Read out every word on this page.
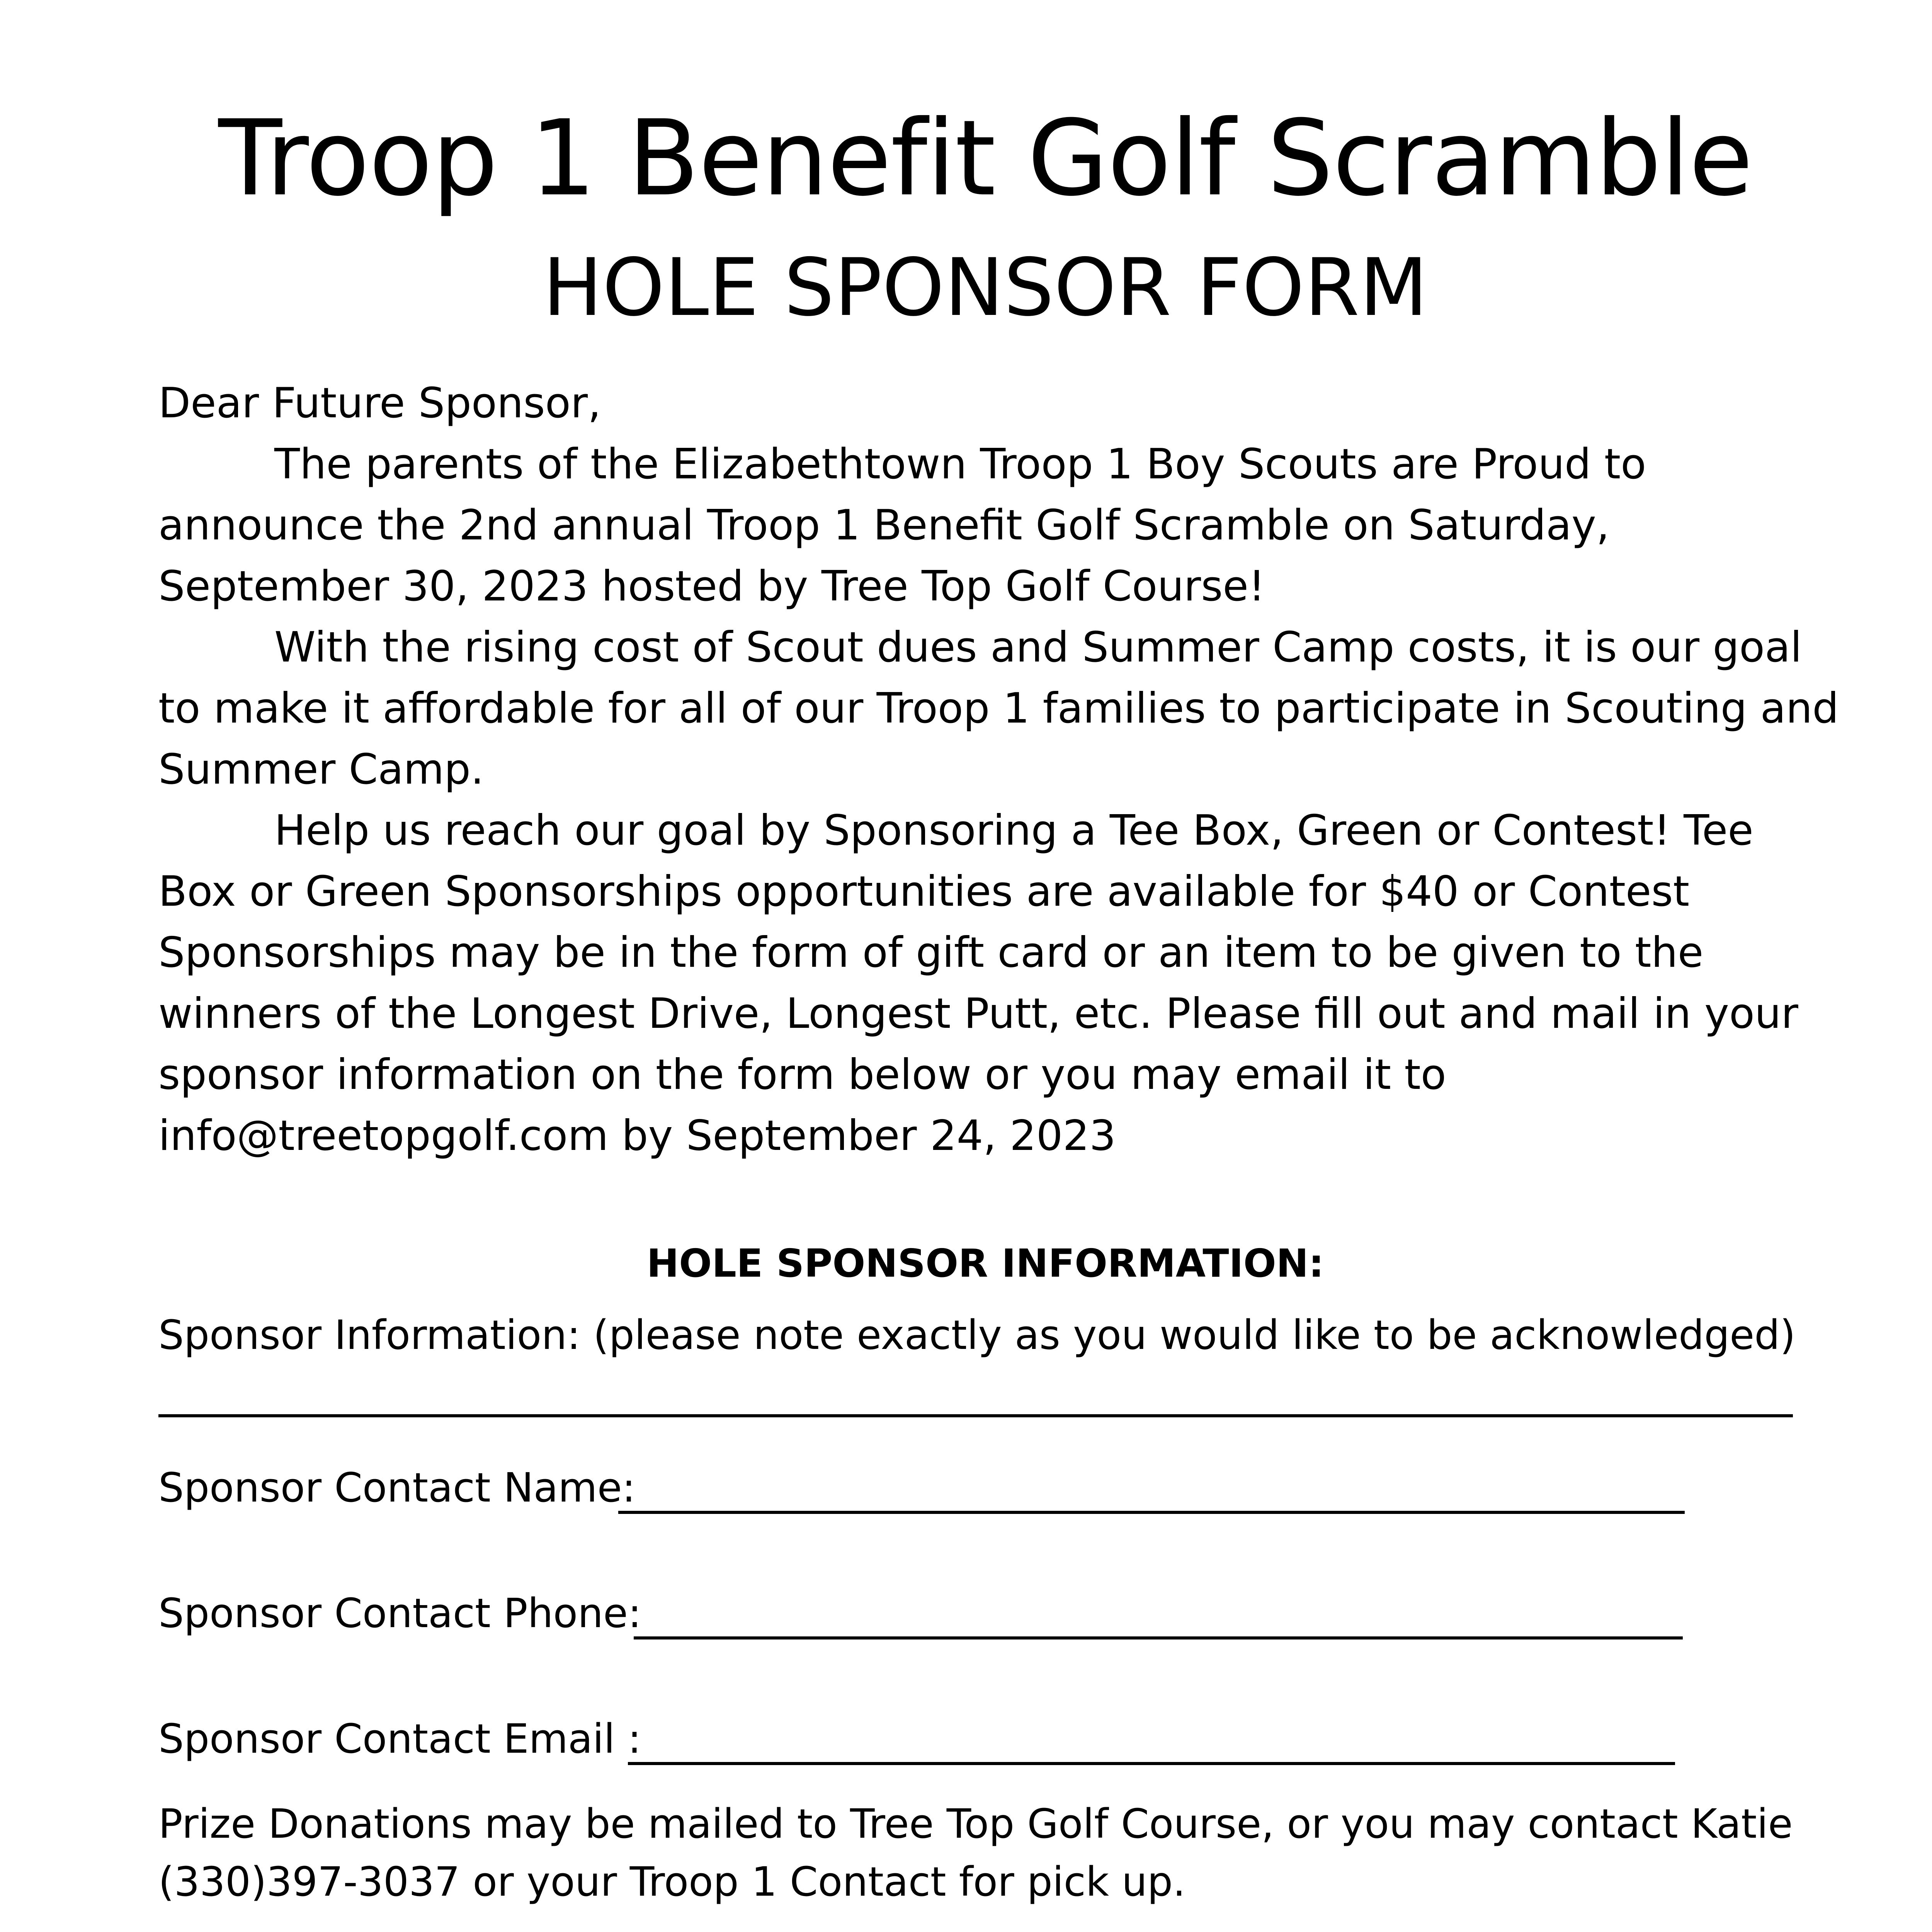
Troop 1 Benefit Golf Scramble
HOLE SPONSOR FORM
Dear Future Sponsor,
The parents of the Elizabethtown Troop 1 Boy Scouts are Proud to
announce the 2nd annual Troop 1 Benefit Golf Scramble on Saturday,
September 30, 2023 hosted by Tree Top Golf Course!
With the rising cost of Scout dues and Summer Camp costs, it is our goal
to make it affordable for all of our Troop 1 families to participate in Scouting and
Summer Camp.
Help us reach our goal by Sponsoring a Tee Box, Green or Contest! Tee
Box or Green Sponsorships opportunities are available for $40 or Contest
Sponsorships may be in the form of gift card or an item to be given to the
winners of the Longest Drive, Longest Putt, etc. Please fill out and mail in your
sponsor information on the form below or you may email it to
info@treetopgolf.com by September 24, 2023
HOLE SPONSOR INFORMATION:
Sponsor Information: (please note exactly as you would like to be acknowledged)
Sponsor Contact Name:
Sponsor Contact Phone:
Sponsor Contact Email :
Prize Donations may be mailed to Tree Top Golf Course, or you may contact Katie
(330)397-3037 or your Troop 1 Contact for pick up.
